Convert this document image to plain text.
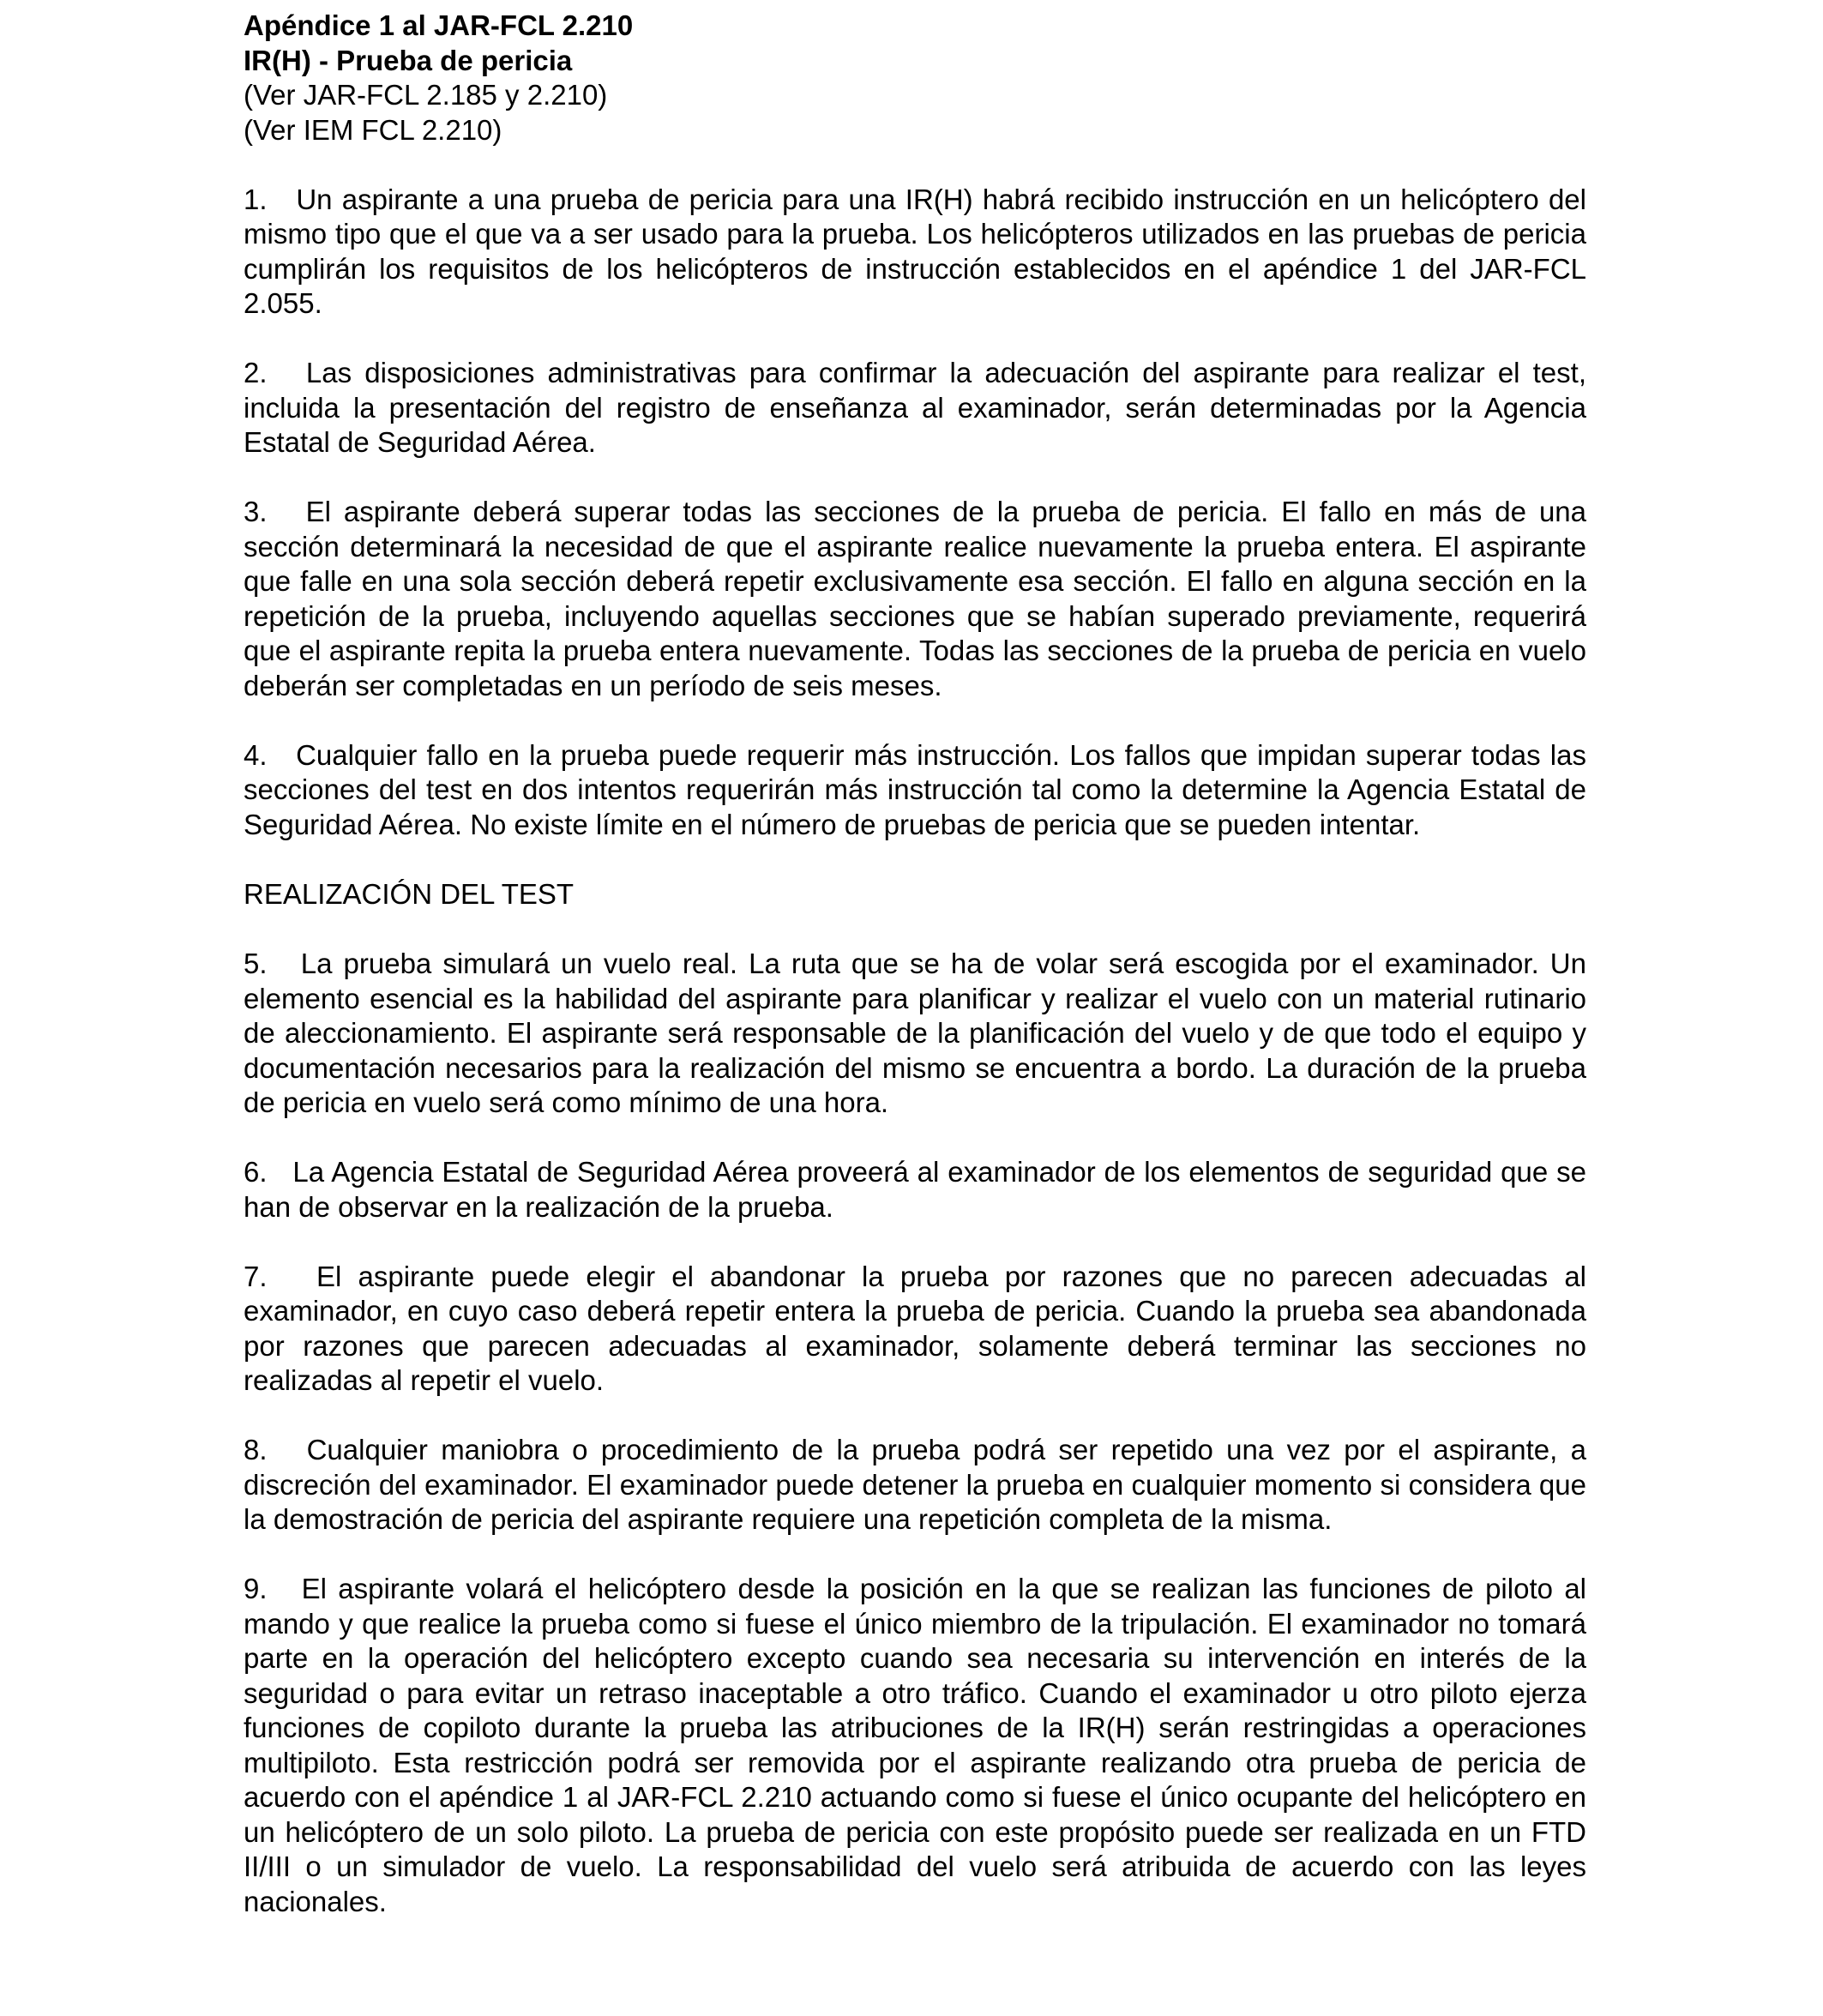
Apéndice 1 al JAR-FCL 2.210

IR(H) - Prueba de pericia

(Ver JAR-FCL 2.185 y 2.210)

(Ver IEM FCL 2.210)

1. Un aspirante a una prueba de pericia para una IR(H) habrá recibido instrucción en un helicóptero del mismo tipo que el que va a ser usado para la prueba. Los helicópteros utilizados en las pruebas de pericia cumplirán los requisitos de los helicópteros de instrucción establecidos en el apéndice 1 del JAR-FCL 2.055.

2. Las disposiciones administrativas para confirmar la adecuación del aspirante para realizar el test, incluida la presentación del registro de enseñanza al examinador, serán determinadas por la Agencia Estatal de Seguridad Aérea.

3. El aspirante deberá superar todas las secciones de la prueba de pericia. El fallo en más de una sección determinará la necesidad de que el aspirante realice nuevamente la prueba entera. El aspirante que falle en una sola sección deberá repetir exclusivamente esa sección. El fallo en alguna sección en la repetición de la prueba, incluyendo aquellas secciones que se habían superado previamente, requerirá que el aspirante repita la prueba entera nuevamente. Todas las secciones de la prueba de pericia en vuelo deberán ser completadas en un período de seis meses.

4. Cualquier fallo en la prueba puede requerir más instrucción. Los fallos que impidan superar todas las secciones del test en dos intentos requerirán más instrucción tal como la determine la Agencia Estatal de Seguridad Aérea. No existe límite en el número de pruebas de pericia que se pueden intentar.

REALIZACIÓN DEL TEST

5. La prueba simulará un vuelo real. La ruta que se ha de volar será escogida por el examinador. Un elemento esencial es la habilidad del aspirante para planificar y realizar el vuelo con un material rutinario de aleccionamiento. El aspirante será responsable de la planificación del vuelo y de que todo el equipo y documentación necesarios para la realización del mismo se encuentra a bordo. La duración de la prueba de pericia en vuelo será como mínimo de una hora.

6. La Agencia Estatal de Seguridad Aérea proveerá al examinador de los elementos de seguridad que se han de observar en la realización de la prueba.

7. El aspirante puede elegir el abandonar la prueba por razones que no parecen adecuadas al examinador, en cuyo caso deberá repetir entera la prueba de pericia. Cuando la prueba sea abandonada por razones que parecen adecuadas al examinador, solamente deberá terminar las secciones no realizadas al repetir el vuelo.

8. Cualquier maniobra o procedimiento de la prueba podrá ser repetido una vez por el aspirante, a discreción del examinador. El examinador puede detener la prueba en cualquier momento si considera que la demostración de pericia del aspirante requiere una repetición completa de la misma.

9. El aspirante volará el helicóptero desde la posición en la que se realizan las funciones de piloto al mando y que realice la prueba como si fuese el único miembro de la tripulación. El examinador no tomará parte en la operación del helicóptero excepto cuando sea necesaria su intervención en interés de la seguridad o para evitar un retraso inaceptable a otro tráfico. Cuando el examinador u otro piloto ejerza funciones de copiloto durante la prueba las atribuciones de la IR(H) serán restringidas a operaciones multipiloto. Esta restricción podrá ser removida por el aspirante realizando otra prueba de pericia de acuerdo con el apéndice 1 al JAR-FCL 2.210 actuando como si fuese el único ocupante del helicóptero en un helicóptero de un solo piloto. La prueba de pericia con este propósito puede ser realizada en un FTD II/III o un simulador de vuelo. La responsabilidad del vuelo será atribuida de acuerdo con las leyes nacionales.
